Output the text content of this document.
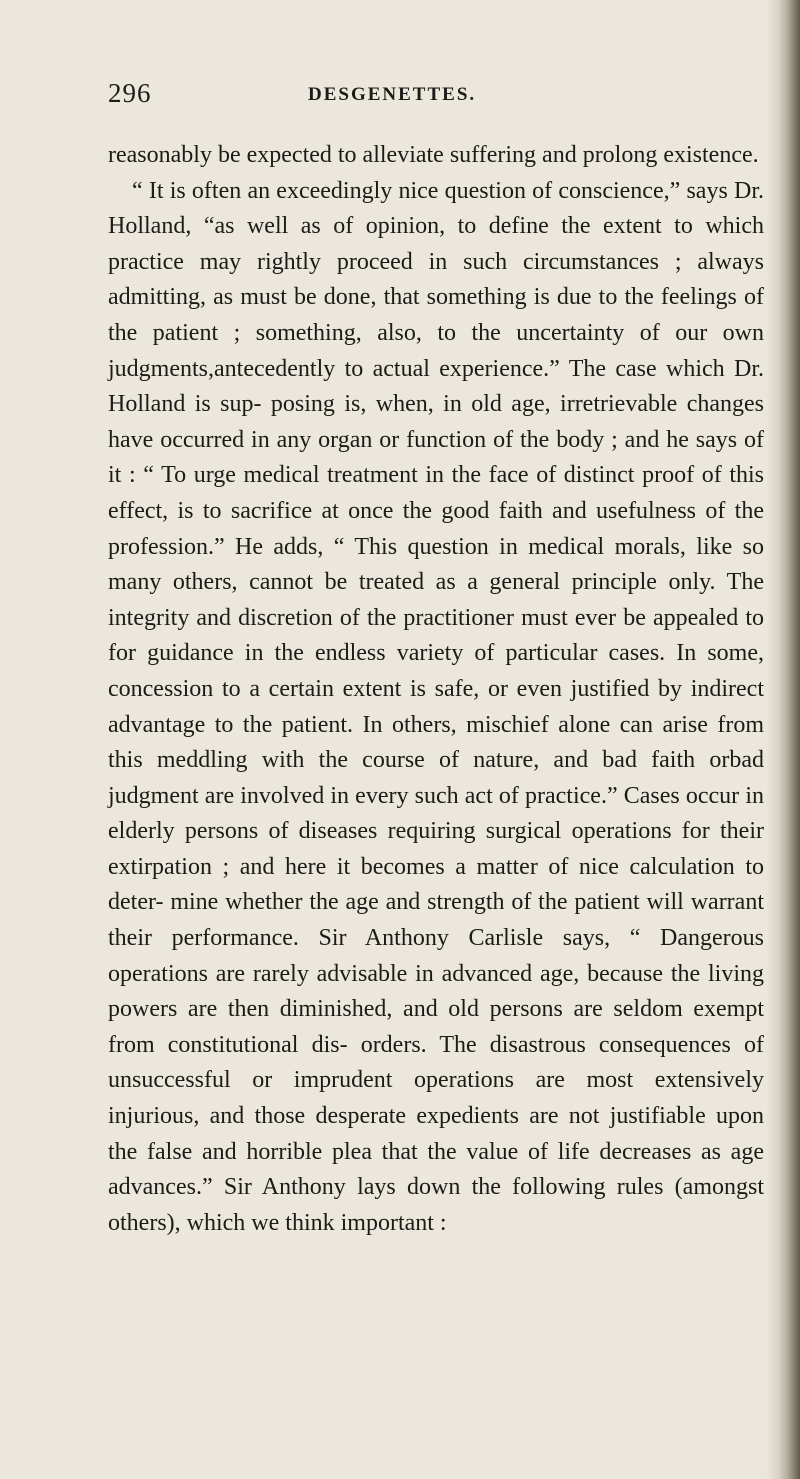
296	DESGENETTES.

reasonably be expected to alleviate suffering and prolong existence.

“ It is often an exceedingly nice question of conscience,” says Dr. Holland, “as well as of opinion, to define the extent to which practice may rightly proceed in such circumstances ; always admitting, as must be done, that something is due to the feelings of the patient ; something, also, to the uncertainty of our own judgments,antecedently to actual experience.” The case which Dr. Holland is sup- posing is, when, in old age, irretrievable changes have occurred in any organ or function of the body ; and he says of it : “ To urge medical treatment in the face of distinct proof of this effect, is to sacrifice at once the good faith and usefulness of the profession.” He adds, “ This question in medical morals, like so many others, cannot be treated as a general principle only. The integrity and discretion of the practitioner must ever be appealed to for guidance in the endless variety of particular cases. In some, concession to a certain extent is safe, or even justified by indirect advantage to the patient. In others, mischief alone can arise from this meddling with the course of nature, and bad faith orbad judgment are involved in every such act of practice.” Cases occur in elderly persons of diseases requiring surgical operations for their extirpation ; and here it becomes a matter of nice calculation to deter- mine whether the age and strength of the patient will warrant their performance. Sir Anthony Carlisle says, “ Dangerous operations are rarely advisable in advanced age, because the living powers are then diminished, and old persons are seldom exempt from constitutional dis- orders. The disastrous consequences of unsuccessful or imprudent operations are most extensively injurious, and those desperate expedients are not justifiable upon the false and horrible plea that the value of life decreases as age advances.” Sir Anthony lays down the following rules (amongst others), which we think important :
